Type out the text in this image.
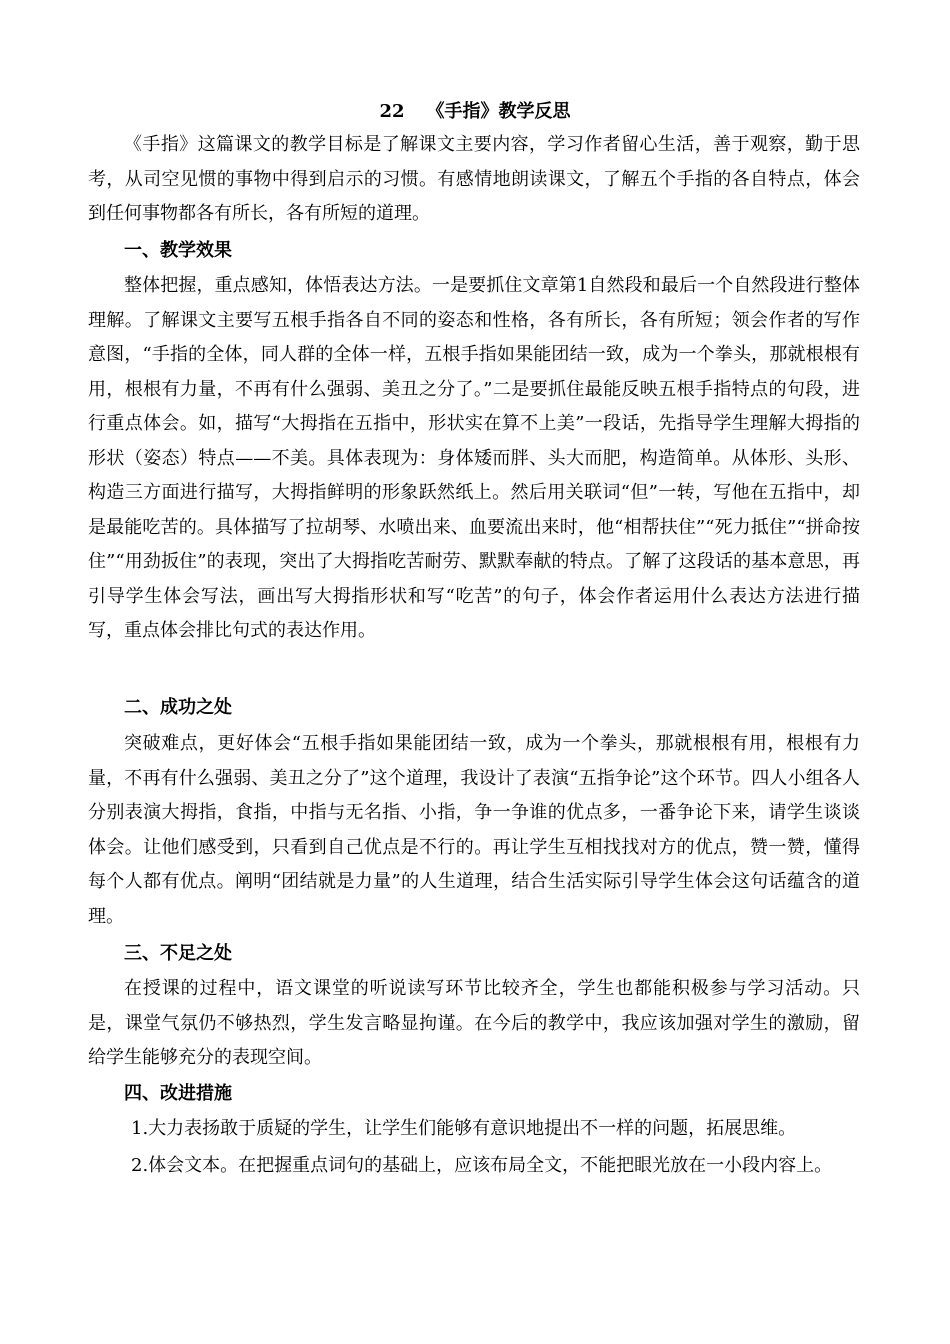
22 《手指》教学反思

《手指》这篇课文的教学目标是了解课文主要内容，学习作者留心生活，善于观察，勤于思考，从司空见惯的事物中得到启示的习惯。有感情地朗读课文，了解五个手指的各自特点，体会到任何事物都各有所长，各有所短的道理。

一、教学效果

整体把握，重点感知，体悟表达方法。一是要抓住文章第1自然段和最后一个自然段进行整体理解。了解课文主要写五根手指各自不同的姿态和性格，各有所长，各有所短；领会作者的写作意图，“手指的全体，同人群的全体一样，五根手指如果能团结一致，成为一个拳头，那就根根有用，根根有力量，不再有什么强弱、美丑之分了。”二是要抓住最能反映五根手指特点的句段，进行重点体会。如，描写“大拇指在五指中，形状实在算不上美”一段话，先指导学生理解大拇指的形状（姿态）特点——不美。具体表现为：身体矮而胖、头大而肥，构造简单。从体形、头形、构造三方面进行描写，大拇指鲜明的形象跃然纸上。然后用关联词“但”一转，写他在五指中，却是最能吃苦的。具体描写了拉胡琴、水喷出来、血要流出来时，他“相帮扶住”“死力抵住”“拼命按住”“用劲扳住”的表现，突出了大拇指吃苦耐劳、默默奉献的特点。了解了这段话的基本意思，再引导学生体会写法，画出写大拇指形状和写“吃苦”的句子，体会作者运用什么表达方法进行描写，重点体会排比句式的表达作用。

二、成功之处

突破难点，更好体会“五根手指如果能团结一致，成为一个拳头，那就根根有用，根根有力量，不再有什么强弱、美丑之分了”这个道理，我设计了表演“五指争论”这个环节。四人小组各人分别表演大拇指，食指，中指与无名指、小指，争一争谁的优点多，一番争论下来，请学生谈谈体会。让他们感受到，只看到自己优点是不行的。再让学生互相找找对方的优点，赞一赞，懂得每个人都有优点。阐明“团结就是力量”的人生道理，结合生活实际引导学生体会这句话蕴含的道理。

三、不足之处

在授课的过程中，语文课堂的听说读写环节比较齐全，学生也都能积极参与学习活动。只是，课堂气氛仍不够热烈，学生发言略显拘谨。在今后的教学中，我应该加强对学生的激励，留给学生能够充分的表现空间。

四、改进措施

1.大力表扬敢于质疑的学生，让学生们能够有意识地提出不一样的问题，拓展思维。

2.体会文本。在把握重点词句的基础上，应该布局全文，不能把眼光放在一小段内容上。
